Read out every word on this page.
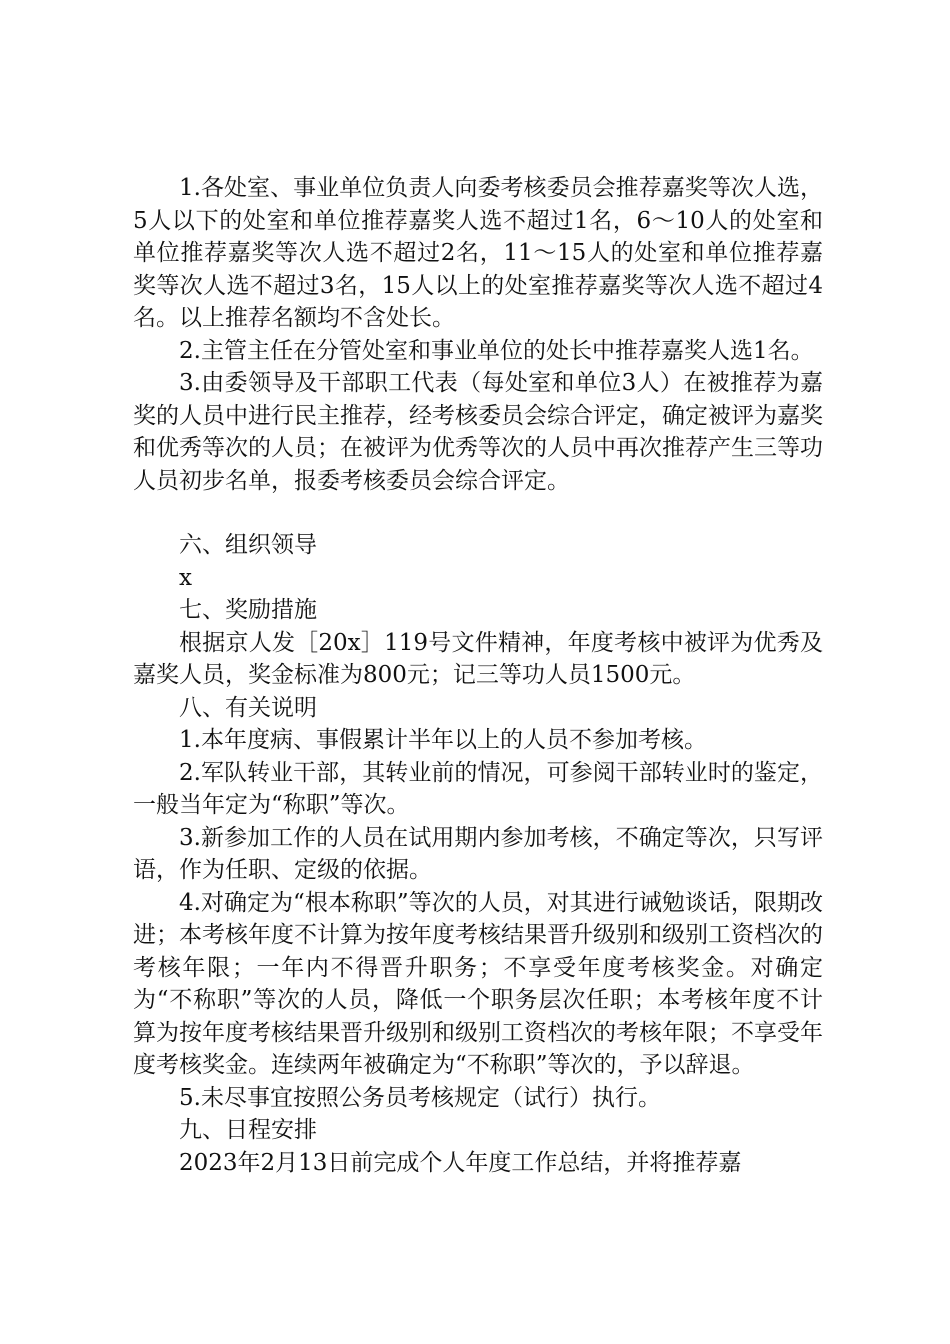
1.各处室、事业单位负责人向委考核委员会推荐嘉奖等次人选，5人以下的处室和单位推荐嘉奖人选不超过1名，6～10人的处室和单位推荐嘉奖等次人选不超过2名，11～15人的处室和单位推荐嘉奖等次人选不超过3名，15人以上的处室推荐嘉奖等次人选不超过4名。以上推荐名额均不含处长。

2.主管主任在分管处室和事业单位的处长中推荐嘉奖人选1名。

3.由委领导及干部职工代表（每处室和单位3人）在被推荐为嘉奖的人员中进行民主推荐，经考核委员会综合评定，确定被评为嘉奖和优秀等次的人员；在被评为优秀等次的人员中再次推荐产生三等功人员初步名单，报委考核委员会综合评定。

六、组织领导

x

七、奖励措施

根据京人发［20x］119号文件精神，年度考核中被评为优秀及嘉奖人员，奖金标准为800元；记三等功人员1500元。

八、有关说明

1.本年度病、事假累计半年以上的人员不参加考核。

2.军队转业干部，其转业前的情况，可参阅干部转业时的鉴定，一般当年定为“称职”等次。

3.新参加工作的人员在试用期内参加考核，不确定等次，只写评语，作为任职、定级的依据。

4.对确定为“根本称职”等次的人员，对其进行诫勉谈话，限期改进；本考核年度不计算为按年度考核结果晋升级别和级别工资档次的考核年限；一年内不得晋升职务；不享受年度考核奖金。对确定为“不称职”等次的人员，降低一个职务层次任职；本考核年度不计算为按年度考核结果晋升级别和级别工资档次的考核年限；不享受年度考核奖金。连续两年被确定为“不称职”等次的，予以辞退。

5.未尽事宜按照公务员考核规定（试行）执行。

九、日程安排

2023年2月13日前完成个人年度工作总结，并将推荐嘉
